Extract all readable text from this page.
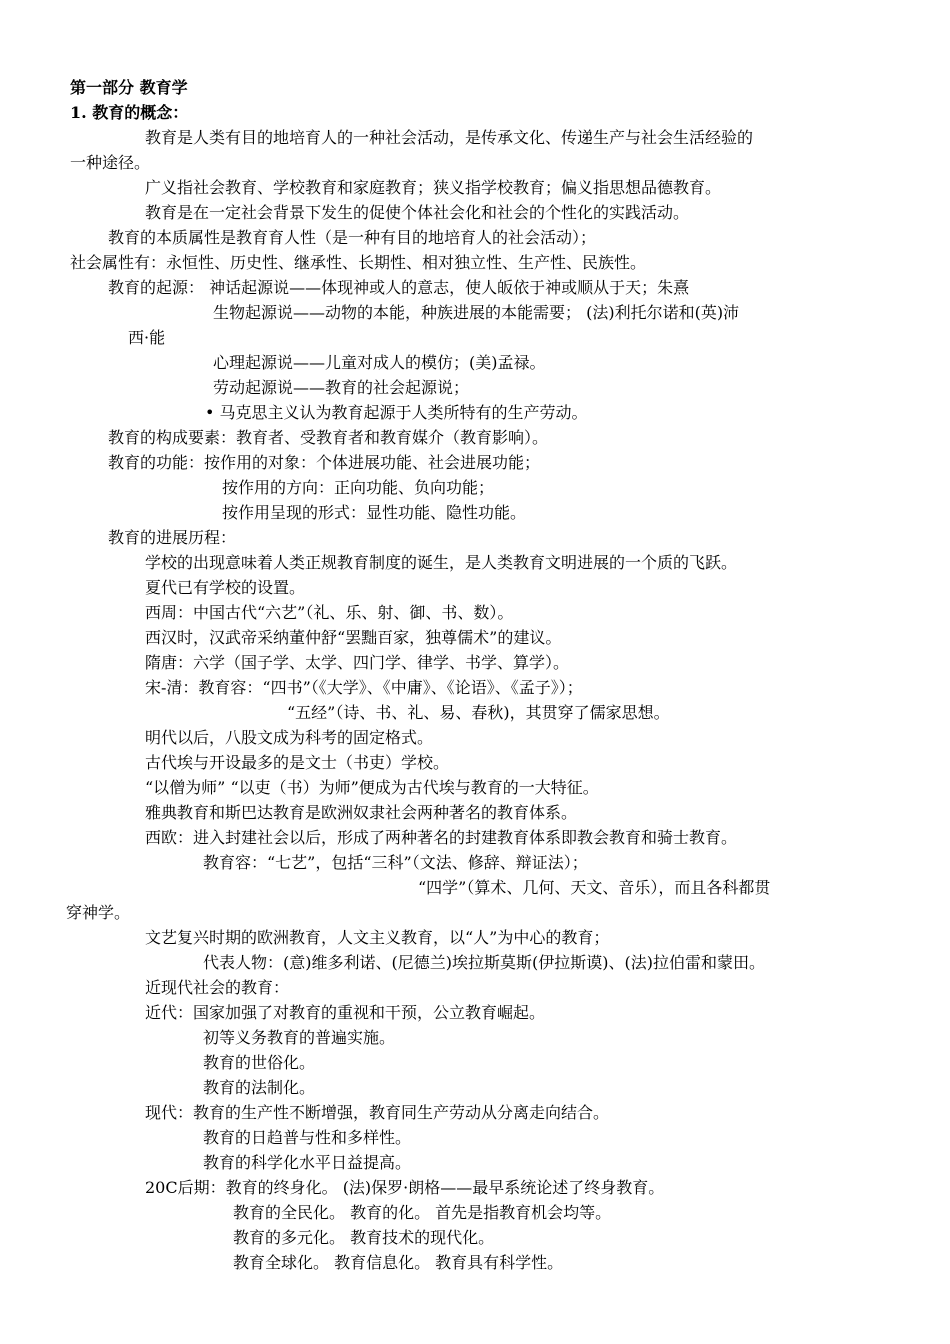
第一部分 教育学
1. 教育的概念：
教育是人类有目的地培育人的一种社会活动，是传承文化、传递生产与社会生活经验的
一种途径。
广义指社会教育、学校教育和家庭教育；狭义指学校教育；偏义指思想品德教育。
教育是在一定社会背景下发生的促使个体社会化和社会的个性化的实践活动。
教育的本质属性是教育育人性（是一种有目的地培育人的社会活动）；
社会属性有：永恒性、历史性、继承性、长期性、相对独立性、生产性、民族性。
教育的起源： 神话起源说——体现神或人的意志，使人皈依于神或顺从于天；朱熹
生物起源说——动物的本能，种族进展的本能需要； (法)利托尔诺和(英)沛
西·能
心理起源说——儿童对成人的模仿；(美)孟禄。
劳动起源说——教育的社会起源说；
• 马克思主义认为教育起源于人类所特有的生产劳动。
教育的构成要素：教育者、受教育者和教育媒介（教育影响）。
教育的功能：按作用的对象：个体进展功能、社会进展功能；
按作用的方向：正向功能、负向功能；
按作用呈现的形式：显性功能、隐性功能。
教育的进展历程：
学校的出现意味着人类正规教育制度的诞生，是人类教育文明进展的一个质的飞跃。
夏代已有学校的设置。
西周：中国古代“六艺”（礼、乐、射、御、书、数）。
西汉时，汉武帝采纳董仲舒“罢黜百家，独尊儒术”的建议。
隋唐：六学（国子学、太学、四门学、律学、书学、算学）。
宋-清：教育容：“四书”（《大学》、《中庸》、《论语》、《孟子》）；
“五经”（诗、书、礼、易、春秋)，其贯穿了儒家思想。
明代以后，八股文成为科考的固定格式。
古代埃与开设最多的是文士（书吏）学校。
“以僧为师” “以吏（书）为师”便成为古代埃与教育的一大特征。
雅典教育和斯巴达教育是欧洲奴隶社会两种著名的教育体系。
西欧：进入封建社会以后，形成了两种著名的封建教育体系即教会教育和骑士教育。
教育容：“七艺”，包括“三科”（文法、修辞、辩证法）；
“四学”（算术、几何、天文、音乐），而且各科都贯
穿神学。
文艺复兴时期的欧洲教育，人文主义教育，以“人”为中心的教育；
代表人物：(意)维多利诺、(尼德兰)埃拉斯莫斯(伊拉斯谟)、(法)拉伯雷和蒙田。
近现代社会的教育：
近代：国家加强了对教育的重视和干预，公立教育崛起。
初等义务教育的普遍实施。
教育的世俗化。
教育的法制化。
现代：教育的生产性不断增强，教育同生产劳动从分离走向结合。
教育的日趋普与性和多样性。
教育的科学化水平日益提高。
20C后期：教育的终身化。 (法)保罗·朗格——最早系统论述了终身教育。
教育的全民化。 教育的化。 首先是指教育机会均等。
教育的多元化。 教育技术的现代化。
教育全球化。 教育信息化。 教育具有科学性。
